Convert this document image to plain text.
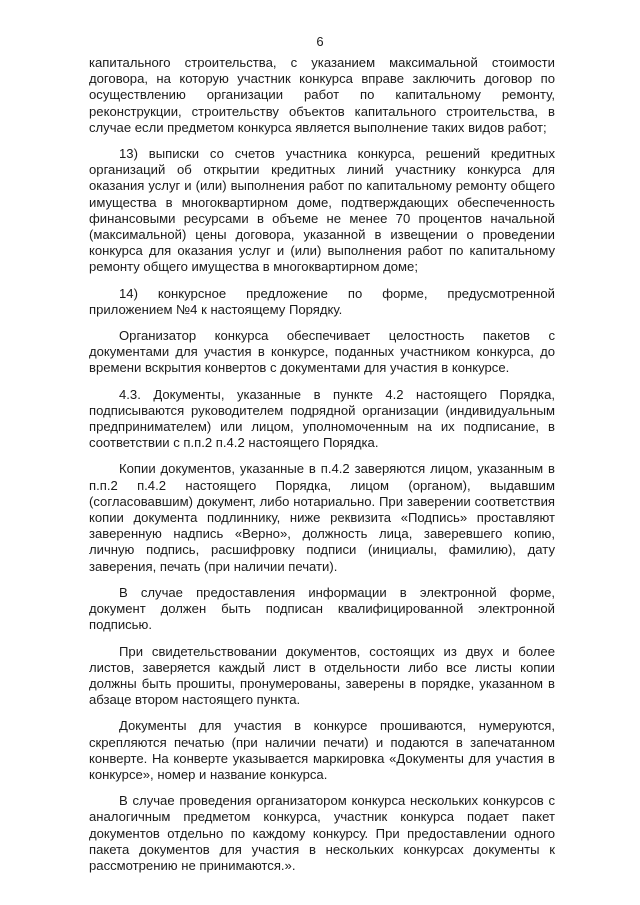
6

капитального строительства, с указанием максимальной стоимости договора, на которую участник конкурса вправе заключить договор по осуществлению организации работ по капитальному ремонту, реконструкции, строительству объектов капитального строительства, в случае если предметом конкурса является выполнение таких видов работ;

13) выписки со счетов участника конкурса, решений кредитных организаций об открытии кредитных линий участнику конкурса для оказания услуг и (или) выполнения работ по капитальному ремонту общего имущества в многоквартирном доме, подтверждающих обеспеченность финансовыми ресурсами в объеме не менее 70 процентов начальной (максимальной) цены договора, указанной в извещении о проведении конкурса для оказания услуг и (или) выполнения работ по капитальному ремонту общего имущества в многоквартирном доме;

14) конкурсное предложение по форме, предусмотренной приложением №4 к настоящему Порядку.

Организатор конкурса обеспечивает целостность пакетов с документами для участия в конкурсе, поданных участником конкурса, до времени вскрытия конвертов с документами для участия в конкурсе.

4.3. Документы, указанные в пункте 4.2 настоящего Порядка, подписываются руководителем подрядной организации (индивидуальным предпринимателем) или лицом, уполномоченным на их подписание, в соответствии с п.п.2 п.4.2 настоящего Порядка.

Копии документов, указанные в п.4.2 заверяются лицом, указанным в п.п.2 п.4.2 настоящего Порядка, лицом (органом), выдавшим (согласовавшим) документ, либо нотариально. При заверении соответствия копии документа подлиннику, ниже реквизита «Подпись» проставляют заверенную надпись «Верно», должность лица, заверевшего копию, личную подпись, расшифровку подписи (инициалы, фамилию), дату заверения, печать (при наличии печати).

В случае предоставления информации в электронной форме, документ должен быть подписан квалифицированной электронной подписью.

При свидетельствовании документов, состоящих из двух и более листов, заверяется каждый лист в отдельности либо все листы копии должны быть прошиты, пронумерованы, заверены в порядке, указанном в абзаце втором настоящего пункта.

Документы для участия в конкурсе прошиваются, нумеруются, скрепляются печатью (при наличии печати) и подаются в запечатанном конверте. На конверте указывается маркировка «Документы для участия в конкурсе», номер и название конкурса.

В случае проведения организатором конкурса нескольких конкурсов с аналогичным предметом конкурса, участник конкурса подает пакет документов отдельно по каждому конкурсу. При предоставлении одного пакета документов для участия в нескольких конкурсах документы к рассмотрению не принимаются.».
